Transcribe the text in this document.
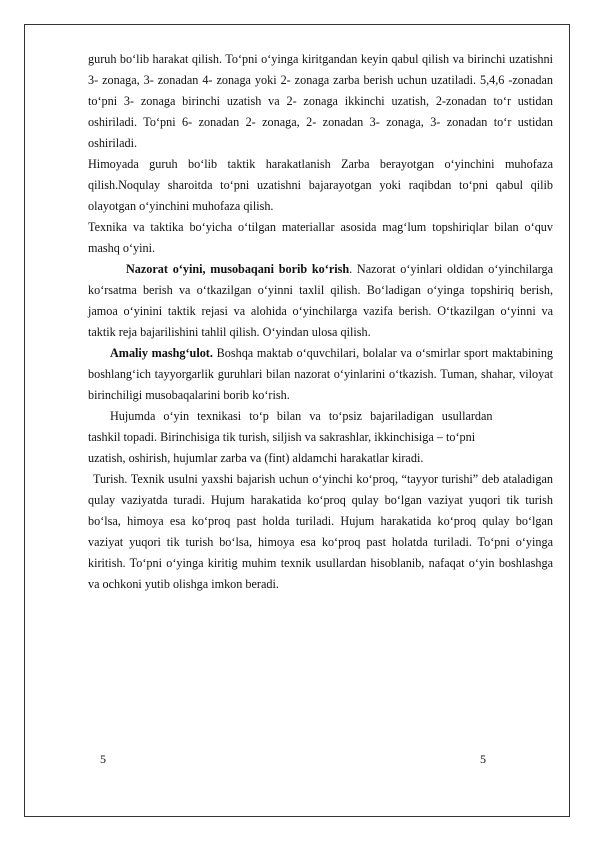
guruh bo‘lib harakat qilish. To‘pni o‘yinga kiritgandan keyin qabul qilish va birinchi uzatishni 3- zonaga, 3- zonadan 4- zonaga yoki 2- zonaga zarba berish uchun uzatiladi. 5,4,6 -zonadan to‘pni 3- zonaga birinchi uzatish va 2- zonaga ikkinchi uzatish, 2-zonadan to‘r ustidan oshiriladi. To‘pni 6- zonadan 2- zonaga, 2- zonadan 3- zonaga, 3- zonadan to‘r ustidan oshiriladi.

Himoyada guruh bo‘lib taktik harakatlanish Zarba berayotgan o‘yinchini muhofaza qilish.Noqulay sharoitda to‘pni uzatishni bajarayotgan yoki raqibdan to‘pni qabul qilib olayotgan o‘yinchini muhofaza qilish.

Texnika va taktika bo‘yicha o‘tilgan materiallar asosida mag‘lum topshiriqlar bilan o‘quv mashq o‘yini.

Nazorat o‘yini, musobaqani borib ko‘rish. Nazorat o‘yinlari oldidan o‘yinchilarga ko‘rsatma berish va o‘tkazilgan o‘yinni taxlil qilish. Bo‘ladigan o‘yinga topshiriq berish, jamoa o‘yinini taktik rejasi va alohida o‘yinchilarga vazifa berish. O‘tkazilgan o‘yinni va taktik reja bajarilishini tahlil qilish. O‘yindan ulosa qilish.

Amaliy mashg‘ulot. Boshqa maktab o‘quvchilari, bolalar va o‘smirlar sport maktabining boshlang‘ich tayyorgarlik guruhlari bilan nazorat o‘yinlarini o‘tkazish. Tuman, shahar, viloyat birinchiligi musobaqalarini borib ko‘rish.

Hujumda o‘yin texnikasi to‘p bilan va to‘psiz bajariladigan usullardan
tashkil topadi. Birinchisiga tik turish, siljish va sakrashlar, ikkinchisiga – to‘pni
uzatish, oshirish, hujumlar zarba va (fint) aldamchi harakatlar kiradi.

Turish. Texnik usulni yaxshi bajarish uchun o‘yinchi ko‘proq, “tayyor turishi” deb ataladigan qulay vaziyatda turadi. Hujum harakatida ko‘proq qulay bo‘lgan vaziyat yuqori tik turish bo‘lsa, himoya esa ko‘proq past holda turiladi. Hujum harakatida ko‘proq qulay bo‘lgan vaziyat yuqori tik turish bo‘lsa, himoya esa ko‘proq past holatda turiladi. To‘pni o‘yinga kiritish. To‘pni o‘yinga kiritig muhim texnik usullardan hisoblanib, nafaqat o‘yin boshlashga va ochkoni yutib olishga imkon beradi.

5	5
